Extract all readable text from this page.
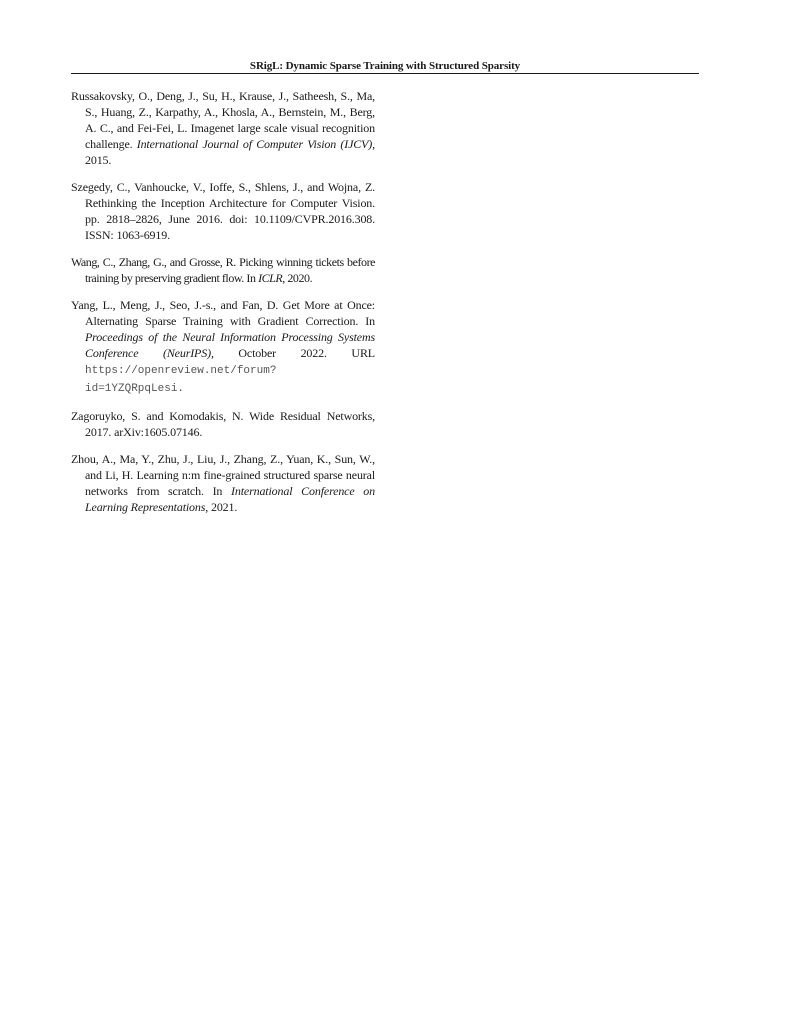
SRigL: Dynamic Sparse Training with Structured Sparsity

Russakovsky, O., Deng, J., Su, H., Krause, J., Satheesh, S., Ma, S., Huang, Z., Karpathy, A., Khosla, A., Bernstein, M., Berg, A. C., and Fei-Fei, L. Imagenet large scale visual recognition challenge. International Journal of Computer Vision (IJCV), 2015.

Szegedy, C., Vanhoucke, V., Ioffe, S., Shlens, J., and Wojna, Z. Rethinking the Inception Architecture for Computer Vision. pp. 2818–2826, June 2016. doi: 10.1109/CVPR.2016.308. ISSN: 1063-6919.

Wang, C., Zhang, G., and Grosse, R. Picking winning tickets before training by preserving gradient flow. In ICLR, 2020.

Yang, L., Meng, J., Seo, J.-s., and Fan, D. Get More at Once: Alternating Sparse Training with Gradient Correction. In Proceedings of the Neural Information Processing Systems Conference (NeurIPS), October 2022. URL https://openreview.net/forum?id=1YZQRpqLesi.

Zagoruyko, S. and Komodakis, N. Wide Residual Networks, 2017. arXiv:1605.07146.

Zhou, A., Ma, Y., Zhu, J., Liu, J., Zhang, Z., Yuan, K., Sun, W., and Li, H. Learning n:m fine-grained structured sparse neural networks from scratch. In International Conference on Learning Representations, 2021.
